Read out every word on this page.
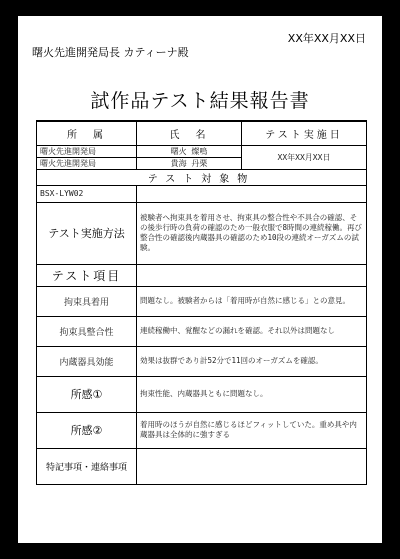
XX年XX月XX日
曙火先進開発局長 カティーナ殿
試作品テスト結果報告書
所　属	氏　名	テスト実施日
曙火先進開発局	曙火 燦嗚	XX年XX月XX日
曙火先進開発局	貴海 丹栗	
テスト対象物		
BSX-LYW02		
テスト実施方法	被験者へ拘束具を着用させ、拘束具の整合性や不具合の確認、その後歩行時の負荷の確認のため一般衣服で8時間の連続稼働。再び整合性の確認後内蔵器具の確認のため10段の連続オーガズムの試験。	
テスト項目		
拘束具着用	問題なし。被験者からは「着用時が自然に感じる」との意見。	
拘束具整合性	連続稼働中、覚醒などの漏れを確認。それ以外は問題なし	
内蔵器具効能	効果は抜群であり計52分で11回のオーガズムを確認。	
所感①	拘束性能、内蔵器具ともに問題なし。	
所感②	着用時のほうが自然に感じるほどフィットしていた。重め具や内蔵器具は全体的に強すぎる	
特記事項・連絡事項		
